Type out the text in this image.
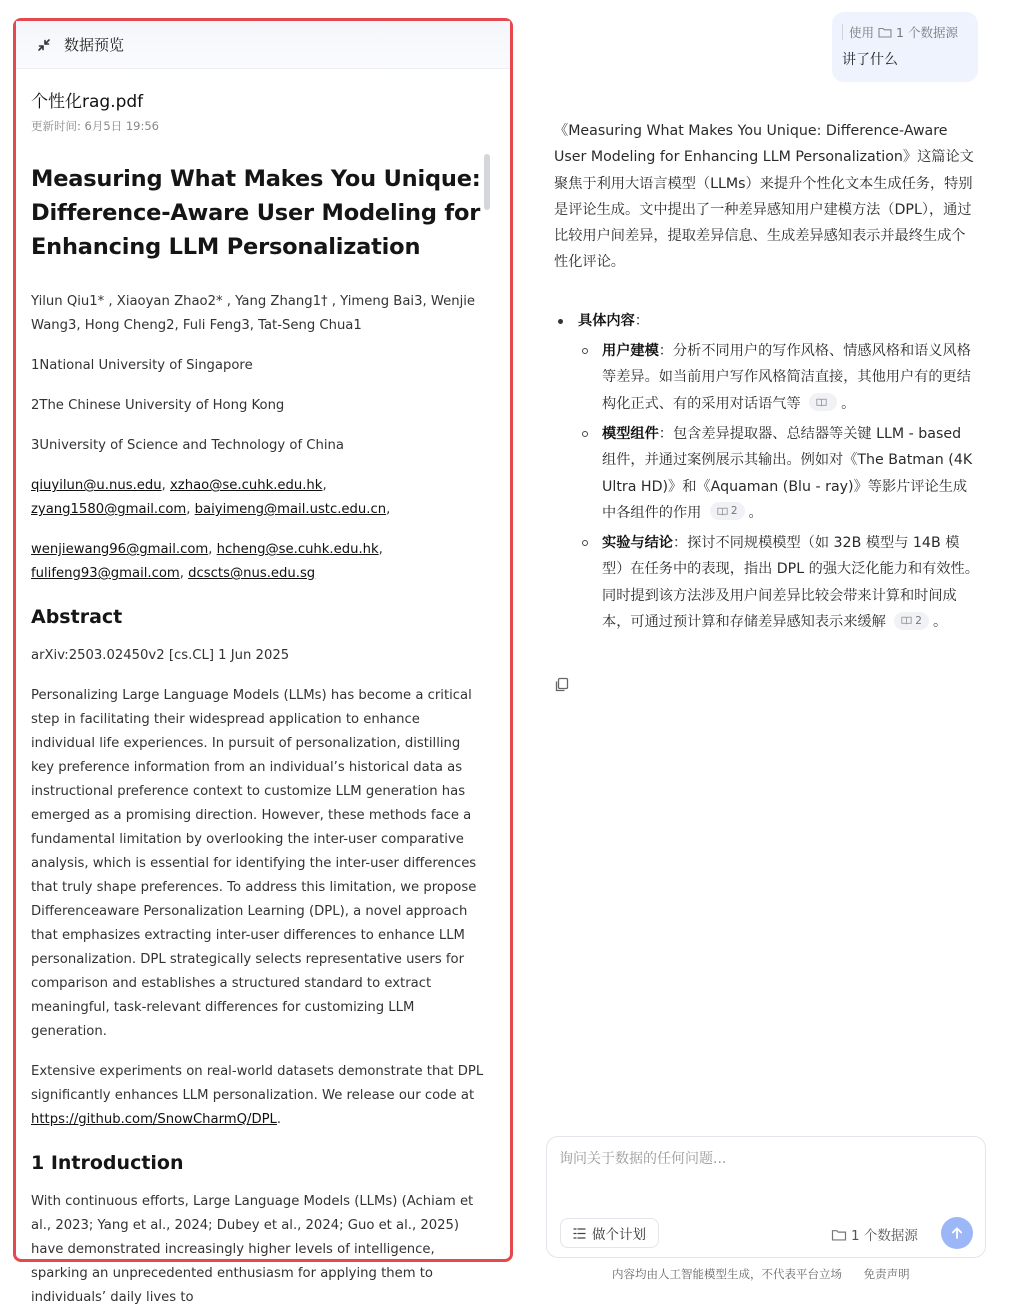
数据预览
个性化rag.pdf
更新时间: 6月5日 19:56
Measuring What Makes You Unique: Difference-Aware User Modeling for Enhancing LLM Personalization
Yilun Qiu1* , Xiaoyan Zhao2* , Yang Zhang1† , Yimeng Bai3, Wenjie Wang3, Hong Cheng2, Fuli Feng3, Tat-Seng Chua1
1National University of Singapore
2The Chinese University of Hong Kong
3University of Science and Technology of China
qiuyilun@u.nus.edu, xzhao@se.cuhk.edu.hk, zyang1580@gmail.com, baiyimeng@mail.ustc.edu.cn,
wenjiewang96@gmail.com, hcheng@se.cuhk.edu.hk, fulifeng93@gmail.com, dcscts@nus.edu.sg
Abstract
arXiv:2503.02450v2 [cs.CL] 1 Jun 2025
Personalizing Large Language Models (LLMs) has become a critical step in facilitating their widespread application to enhance individual life experiences. In pursuit of personalization, distilling key preference information from an individual’s historical data as instructional preference context to customize LLM generation has emerged as a promising direction. However, these methods face a fundamental limitation by overlooking the inter-user comparative analysis, which is essential for identifying the inter-user differences that truly shape preferences. To address this limitation, we propose Differenceaware Personalization Learning (DPL), a novel approach that emphasizes extracting inter-user differences to enhance LLM personalization. DPL strategically selects representative users for comparison and establishes a structured standard to extract meaningful, task-relevant differences for customizing LLM generation.
Extensive experiments on real-world datasets demonstrate that DPL significantly enhances LLM personalization. We release our code at https://github.com/SnowCharmQ/DPL.
1 Introduction
With continuous efforts, Large Language Models (LLMs) (Achiam et al., 2023; Yang et al., 2024; Dubey et al., 2024; Guo et al., 2025) have demonstrated increasingly higher levels of intelligence, sparking an unprecedented enthusiasm for applying them to individuals’ daily lives to
使用 1 个数据源
讲了什么
《Measuring What Makes You Unique: Difference-Aware User Modeling for Enhancing LLM Personalization》这篇论文聚焦于利用大语言模型（LLMs）来提升个性化文本生成任务，特别是评论生成。文中提出了一种差异感知用户建模方法（DPL），通过比较用户间差异，提取差异信息、生成差异感知表示并最终生成个性化评论。
具体内容：
用户建模：分析不同用户的写作风格、情感风格和语义风格等差异。如当前用户写作风格简洁直接，其他用户有的更结构化正式、有的采用对话语气等	。
模型组件：包含差异提取器、总结器等关键 LLM - based 组件，并通过案例展示其输出。例如对《The Batman (4K Ultra HD)》和《Aquaman (Blu - ray)》等影片评论生成中各组件的作用	2 。
实验与结论：探讨不同规模模型（如 32B 模型与 14B 模型）在任务中的表现，指出 DPL 的强大泛化能力和有效性。同时提到该方法涉及用户间差异比较会带来计算和时间成本，可通过预计算和存储差异感知表示来缓解	2 。
询问关于数据的任何问题...
做个计划	1 个数据源
内容均由人工智能模型生成，不代表平台立场 免责声明
